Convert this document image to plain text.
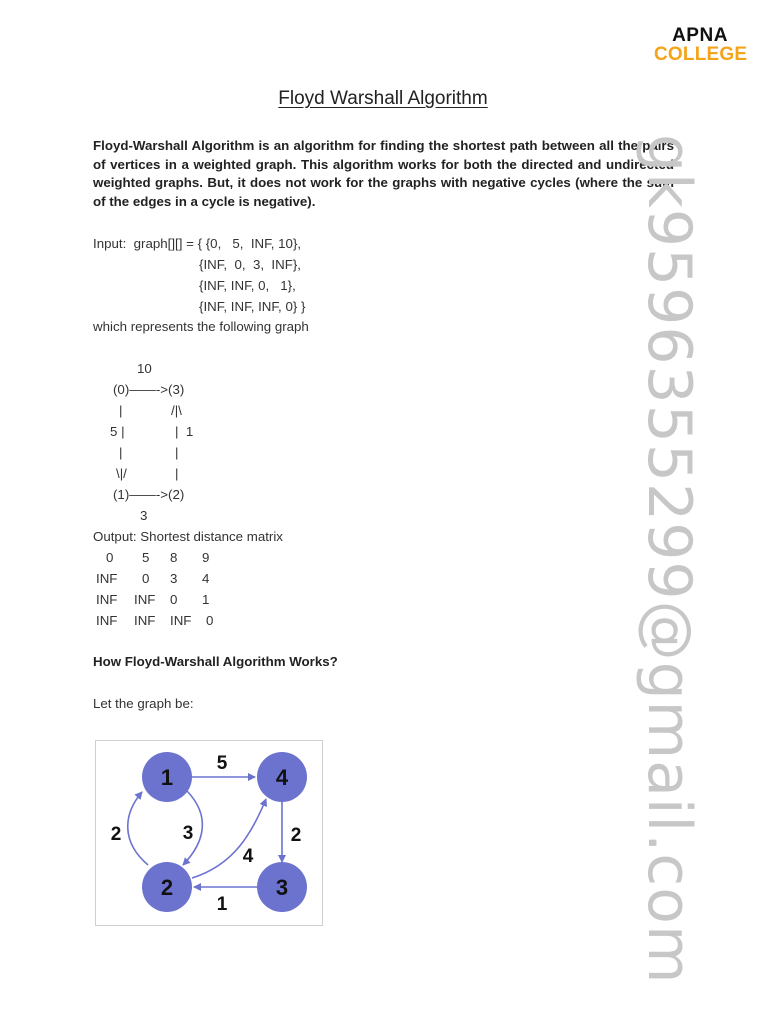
APNA
COLLEGE
Floyd Warshall Algorithm
Floyd-Warshall Algorithm is an algorithm for finding the shortest path between all the pairs of vertices in a weighted graph. This algorithm works for both the directed and undirected weighted graphs. But, it does not work for the graphs with negative cycles (where the sum of the edges in a cycle is negative).
Input:  graph[][] = { {0,   5,  INF, 10},
{INF,  0,  3,  INF},
{INF, INF, 0,   1},
{INF, INF, INF, 0} }
which represents the following graph
10
(0)——->(3)
|	/|\
5 |	|  1
|	|
\|/	|
(1)——->(2)
3
Output: Shortest distance matrix
0 5 8 9
INF 0 3 4
INF INF 0 1
INF INF INF 0
How Floyd-Warshall Algorithm Works?
Let the graph be:
1	4
2	3
5
2
1
2	3
4	gk9596355299@gmail.com
